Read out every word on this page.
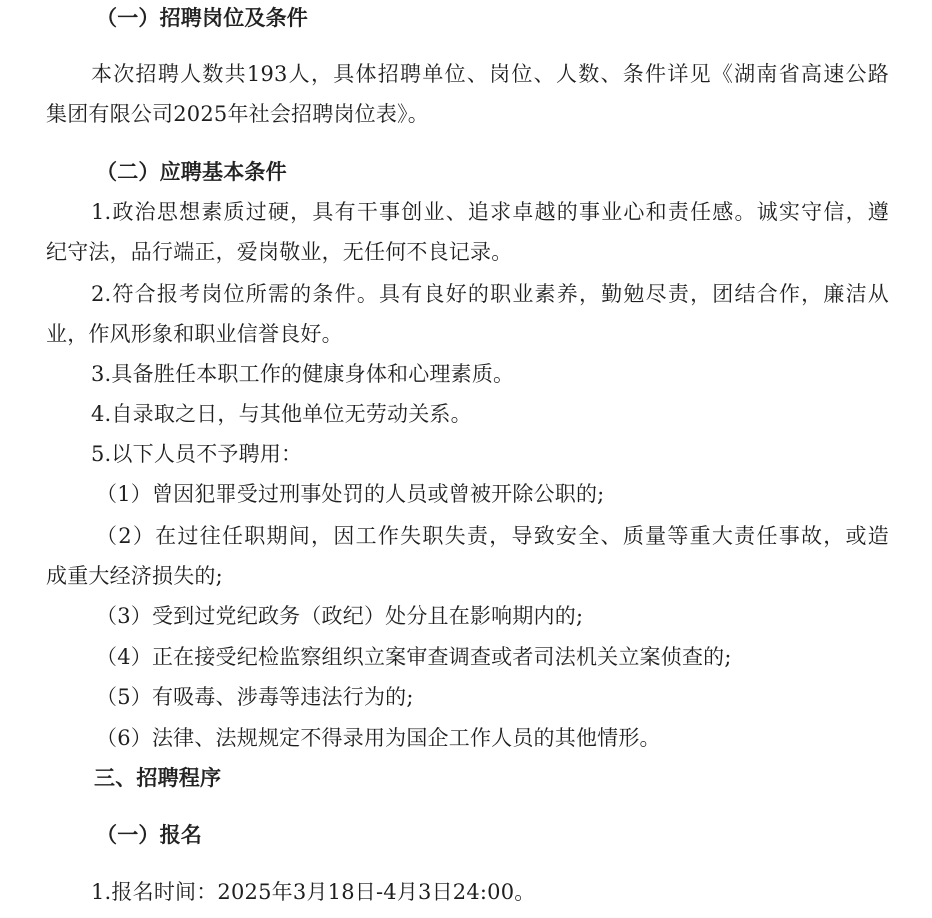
（一）招聘岗位及条件
本次招聘人数共193人，具体招聘单位、岗位、人数、条件详见《湖南省高速公路
集团有限公司2025年社会招聘岗位表》。
（二）应聘基本条件
1.政治思想素质过硬，具有干事创业、追求卓越的事业心和责任感。诚实守信，遵
纪守法，品行端正，爱岗敬业，无任何不良记录。
2.符合报考岗位所需的条件。具有良好的职业素养，勤勉尽责，团结合作，廉洁从
业，作风形象和职业信誉良好。
3.具备胜任本职工作的健康身体和心理素质。
4.自录取之日，与其他单位无劳动关系。
5.以下人员不予聘用：
（1）曾因犯罪受过刑事处罚的人员或曾被开除公职的;
（2）在过往任职期间，因工作失职失责，导致安全、质量等重大责任事故，或造
成重大经济损失的;
（3）受到过党纪政务（政纪）处分且在影响期内的;
（4）正在接受纪检监察组织立案审查调查或者司法机关立案侦查的;
（5）有吸毒、涉毒等违法行为的;
（6）法律、法规规定不得录用为国企工作人员的其他情形。
三、招聘程序
（一）报名
1.报名时间：2025年3月18日-4月3日24:00。
